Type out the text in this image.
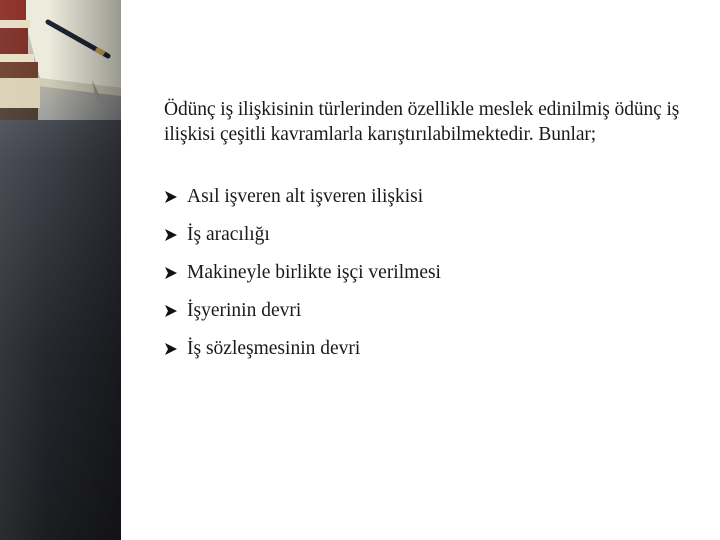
Ödünç iş ilişkisinin türlerinden özellikle meslek edinilmiş ödünç iş ilişkisi çeşitli kavramlarla karıştırılabilmektedir. Bunlar;

Asıl işveren alt işveren ilişkisi
İş aracılığı
Makineyle birlikte işçi verilmesi
İşyerinin devri
İş sözleşmesinin devri
